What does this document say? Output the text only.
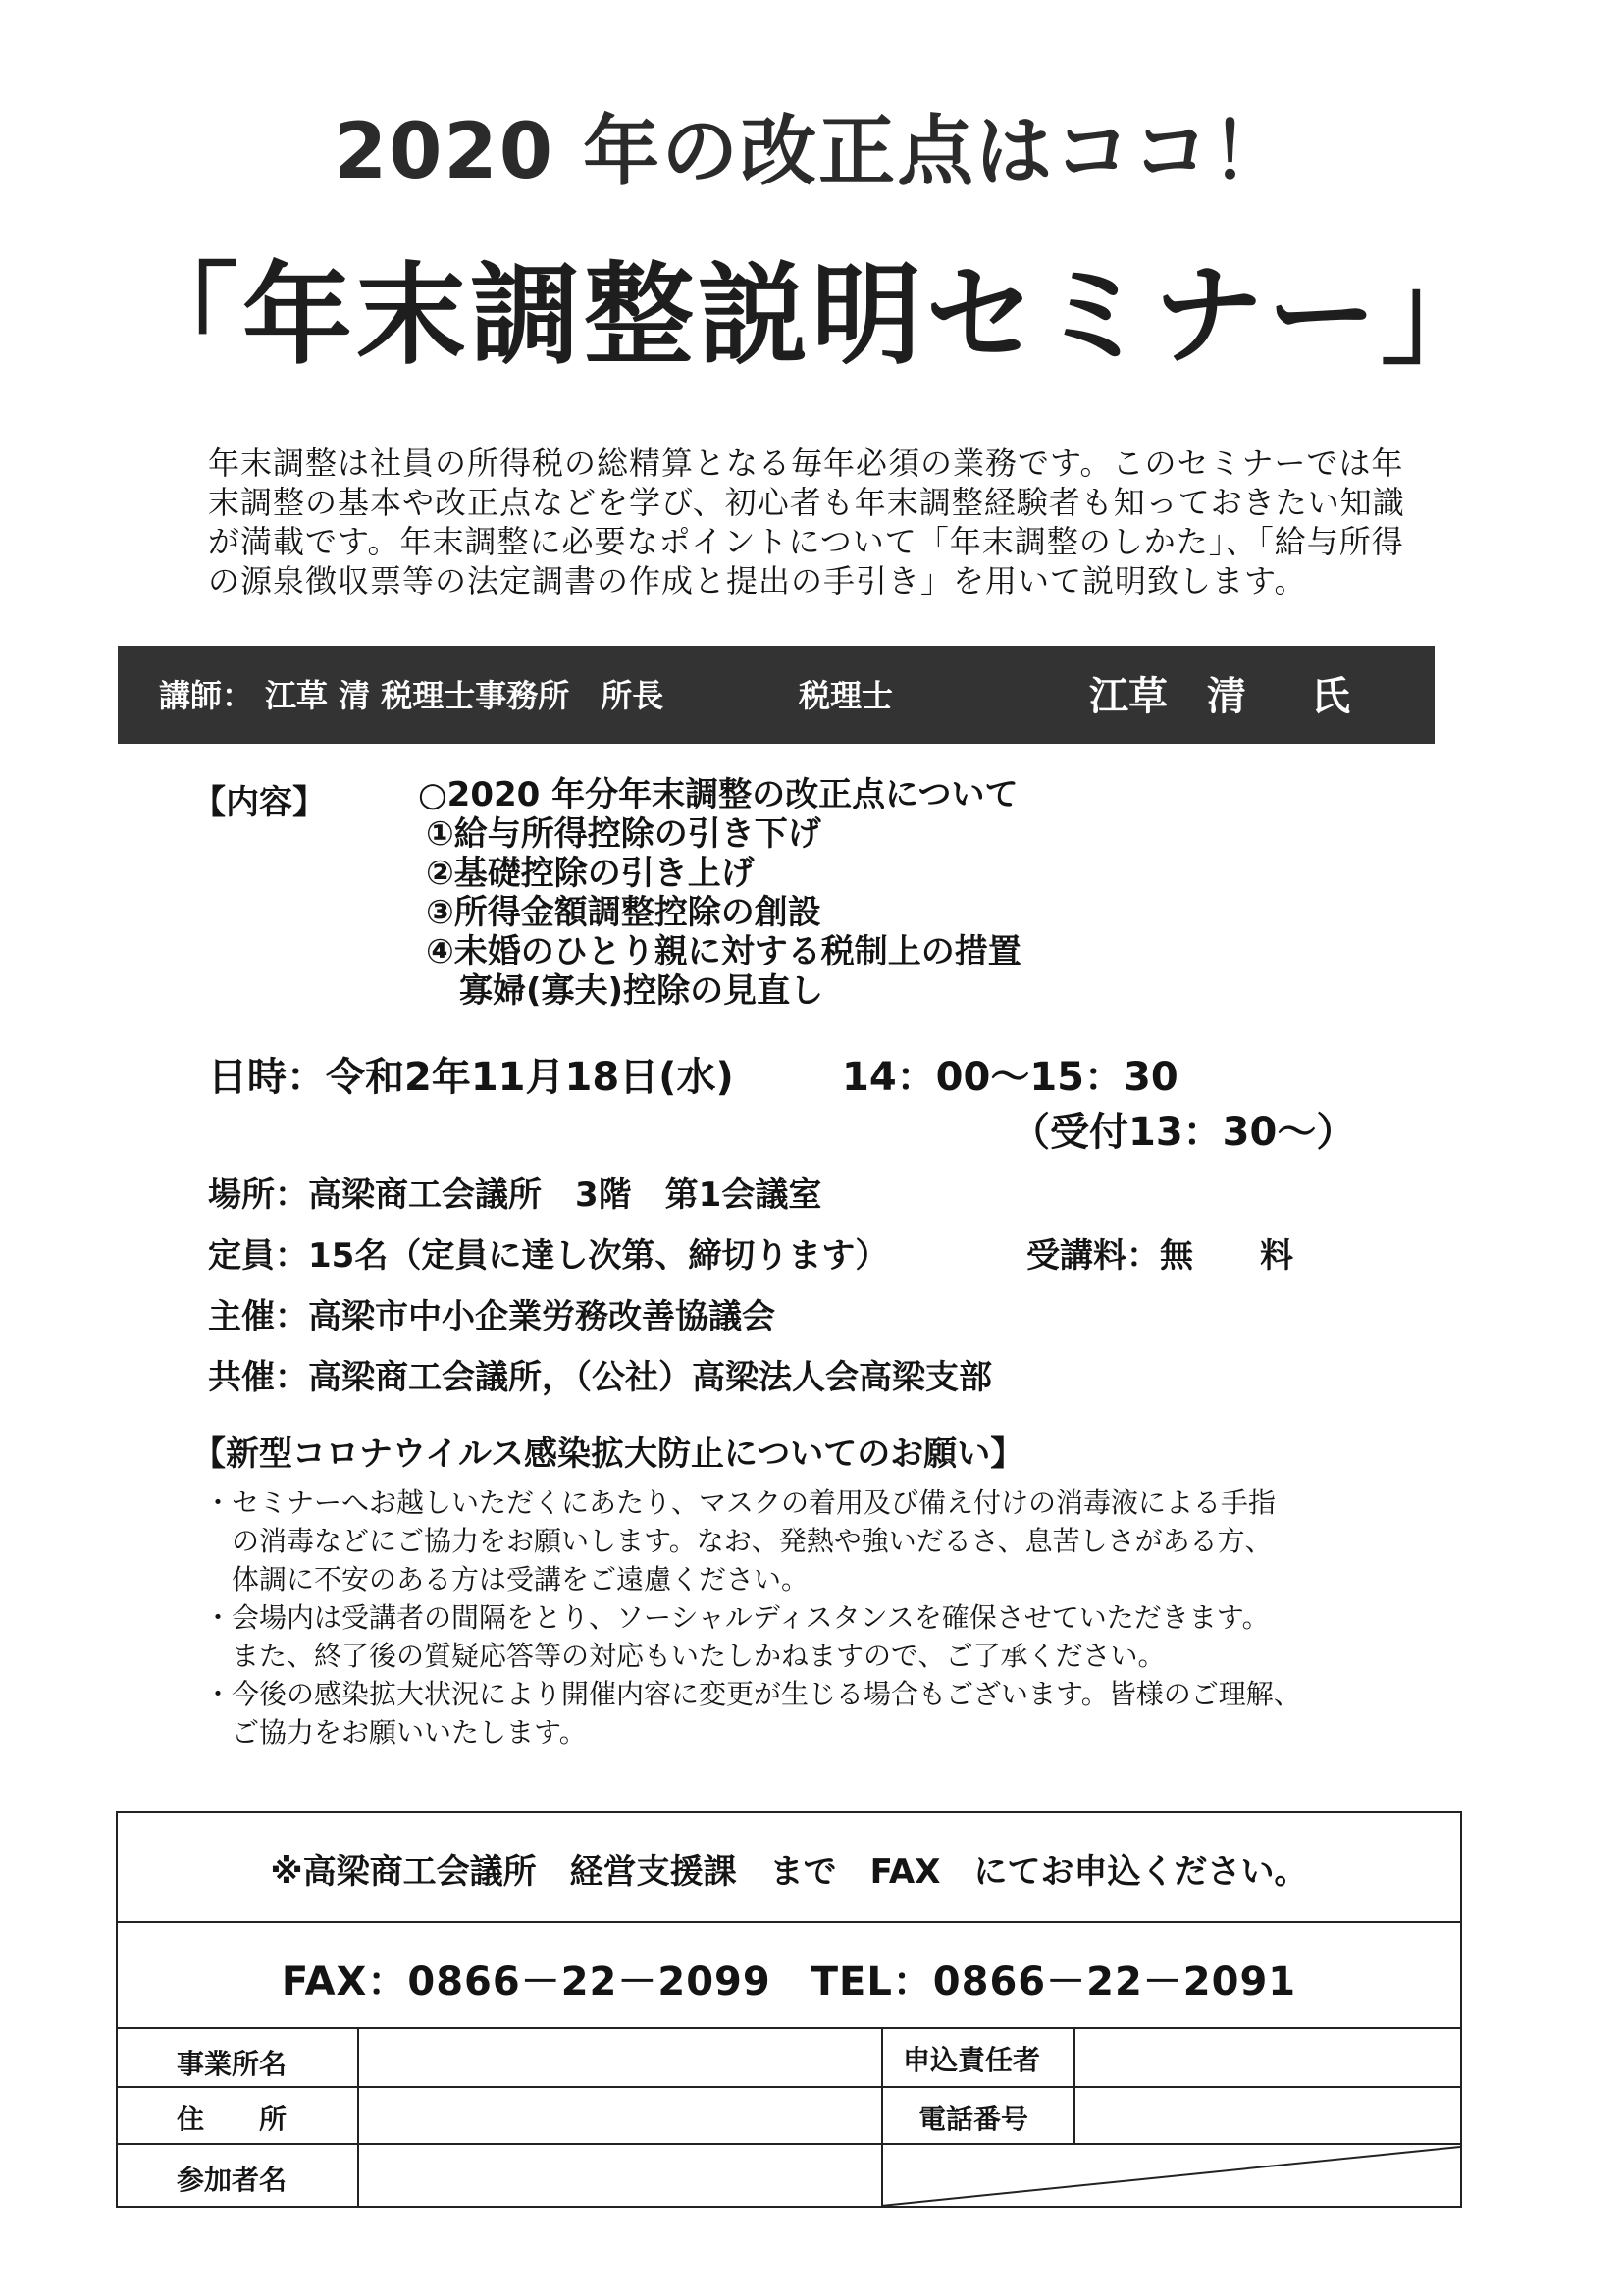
2020 年の改正点はココ！
「年末調整説明セミナー」
年末調整は社員の所得税の総精算となる毎年必須の業務です。このセミナーでは年
末調整の基本や改正点などを学び、初心者も年末調整経験者も知っておきたい知識
が満載です。年末調整に必要なポイントについて「年末調整のしかた」、「給与所得
の源泉徴収票等の法定調書の作成と提出の手引き」を用いて説明致します。
講師： 江草 清 税理士事務所　所長	税理士	江草　清 氏
【内容】	○2020 年分年末調整の改正点について
①給与所得控除の引き下げ
②基礎控除の引き上げ
③所得金額調整控除の創設
④未婚のひとり親に対する税制上の措置
　寡婦(寡夫)控除の見直し
日時：令和2年11月18日(水)	14：00～15：30
（受付13：30～）
場所：高梁商工会議所　3階　第1会議室
定員：15名（定員に達し次第、締切ります）	受講料：無　　料
主催：高梁市中小企業労務改善協議会
共催：高梁商工会議所，（公社）高梁法人会高梁支部
【新型コロナウイルス感染拡大防止についてのお願い】
・セミナーへお越しいただくにあたり、マスクの着用及び備え付けの消毒液による手指
　の消毒などにご協力をお願いします。なお、発熱や強いだるさ、息苦しさがある方、
　体調に不安のある方は受講をご遠慮ください。
・会場内は受講者の間隔をとり、ソーシャルディスタンスを確保させていただきます。
　また、終了後の質疑応答等の対応もいたしかねますので、ご了承ください。
・今後の感染拡大状況により開催内容に変更が生じる場合もございます。皆様のご理解、
　ご協力をお願いいたします。
※高梁商工会議所　経営支援課　まで　FAX　にてお申込ください。
FAX：0866－22－2099　TEL：0866－22－2091
事業所名	申込責任者
住　　所	電話番号
参加者名
